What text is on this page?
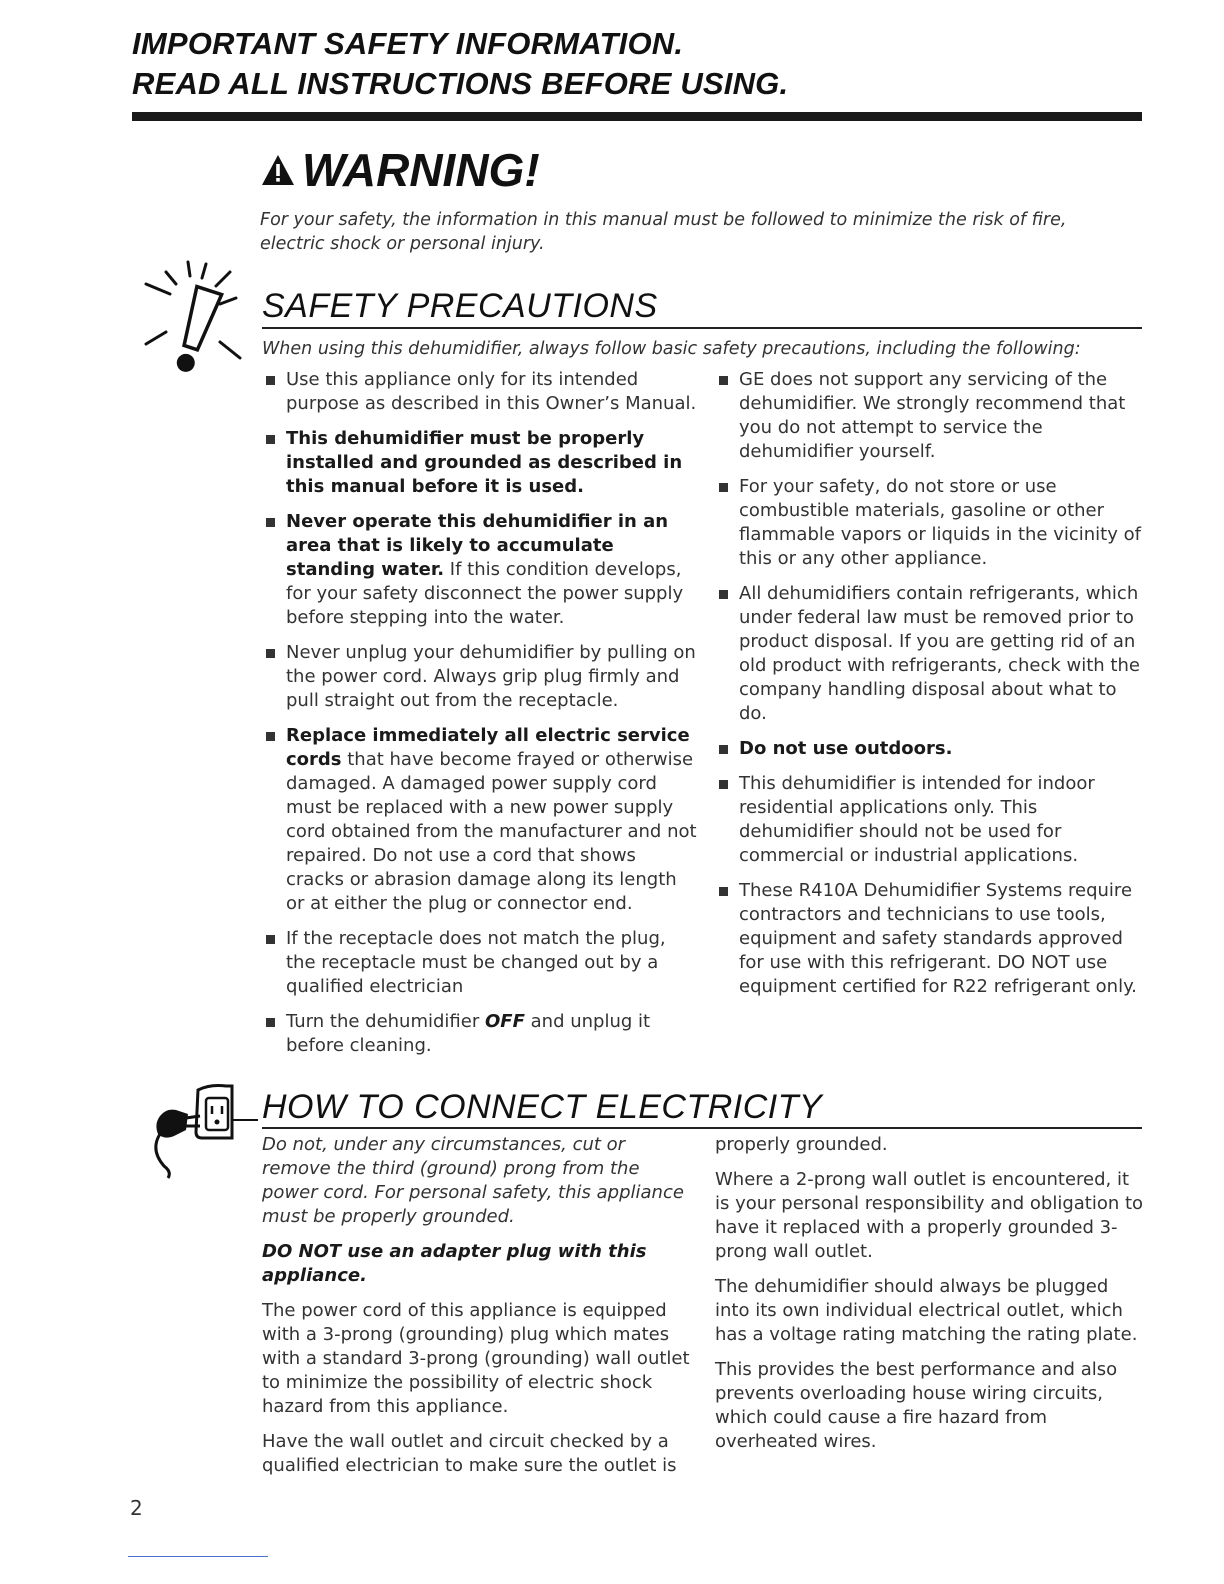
IMPORTANT SAFETY INFORMATION.
READ ALL INSTRUCTIONS BEFORE USING.
WARNING!
For your safety, the information in this manual must be followed to minimize the risk of fire, electric shock or personal injury.
SAFETY PRECAUTIONS
When using this dehumidifier, always follow basic safety precautions, including the following:
Use this appliance only for its intended purpose as described in this Owner’s Manual.
This dehumidifier must be properly installed and grounded as described in this manual before it is used.
Never operate this dehumidifier in an area that is likely to accumulate standing water. If this condition develops, for your safety disconnect the power supply before stepping into the water.
Never unplug your dehumidifier by pulling on the power cord. Always grip plug firmly and pull straight out from the receptacle.
Replace immediately all electric service cords that have become frayed or otherwise damaged. A damaged power supply cord must be replaced with a new power supply cord obtained from the manufacturer and not repaired. Do not use a cord that shows cracks or abrasion damage along its length or at either the plug or connector end.
If the receptacle does not match the plug, the receptacle must be changed out by a qualified electrician
Turn the dehumidifier OFF and unplug it before cleaning.
GE does not support any servicing of the dehumidifier. We strongly recommend that you do not attempt to service the dehumidifier yourself.
For your safety, do not store or use combustible materials, gasoline or other flammable vapors or liquids in the vicinity of this or any other appliance.
All dehumidifiers contain refrigerants, which under federal law must be removed prior to product disposal. If you are getting rid of an old product with refrigerants, check with the company handling disposal about what to do.
Do not use outdoors.
This dehumidifier is intended for indoor residential applications only. This dehumidifier should not be used for commercial or industrial applications.
These R410A Dehumidifier Systems require contractors and technicians to use tools, equipment and safety standards approved for use with this refrigerant. DO NOT use equipment certified for R22 refrigerant only.
HOW TO CONNECT ELECTRICITY

Do not, under any circumstances, cut or remove the third (ground) prong from the power cord. For personal safety, this appliance must be properly grounded.

DO NOT use an adapter plug with this appliance.

The power cord of this appliance is equipped with a 3-prong (grounding) plug which mates with a standard 3-prong (grounding) wall outlet to minimize the possibility of electric shock hazard from this appliance.

Have the wall outlet and circuit checked by a qualified electrician to make sure the outlet is

properly grounded.

Where a 2-prong wall outlet is encountered, it is your personal responsibility and obligation to have it replaced with a properly grounded 3-prong wall outlet.

The dehumidifier should always be plugged into its own individual electrical outlet, which has a voltage rating matching the rating plate.

This provides the best performance and also prevents overloading house wiring circuits, which could cause a fire hazard from overheated wires.

2
